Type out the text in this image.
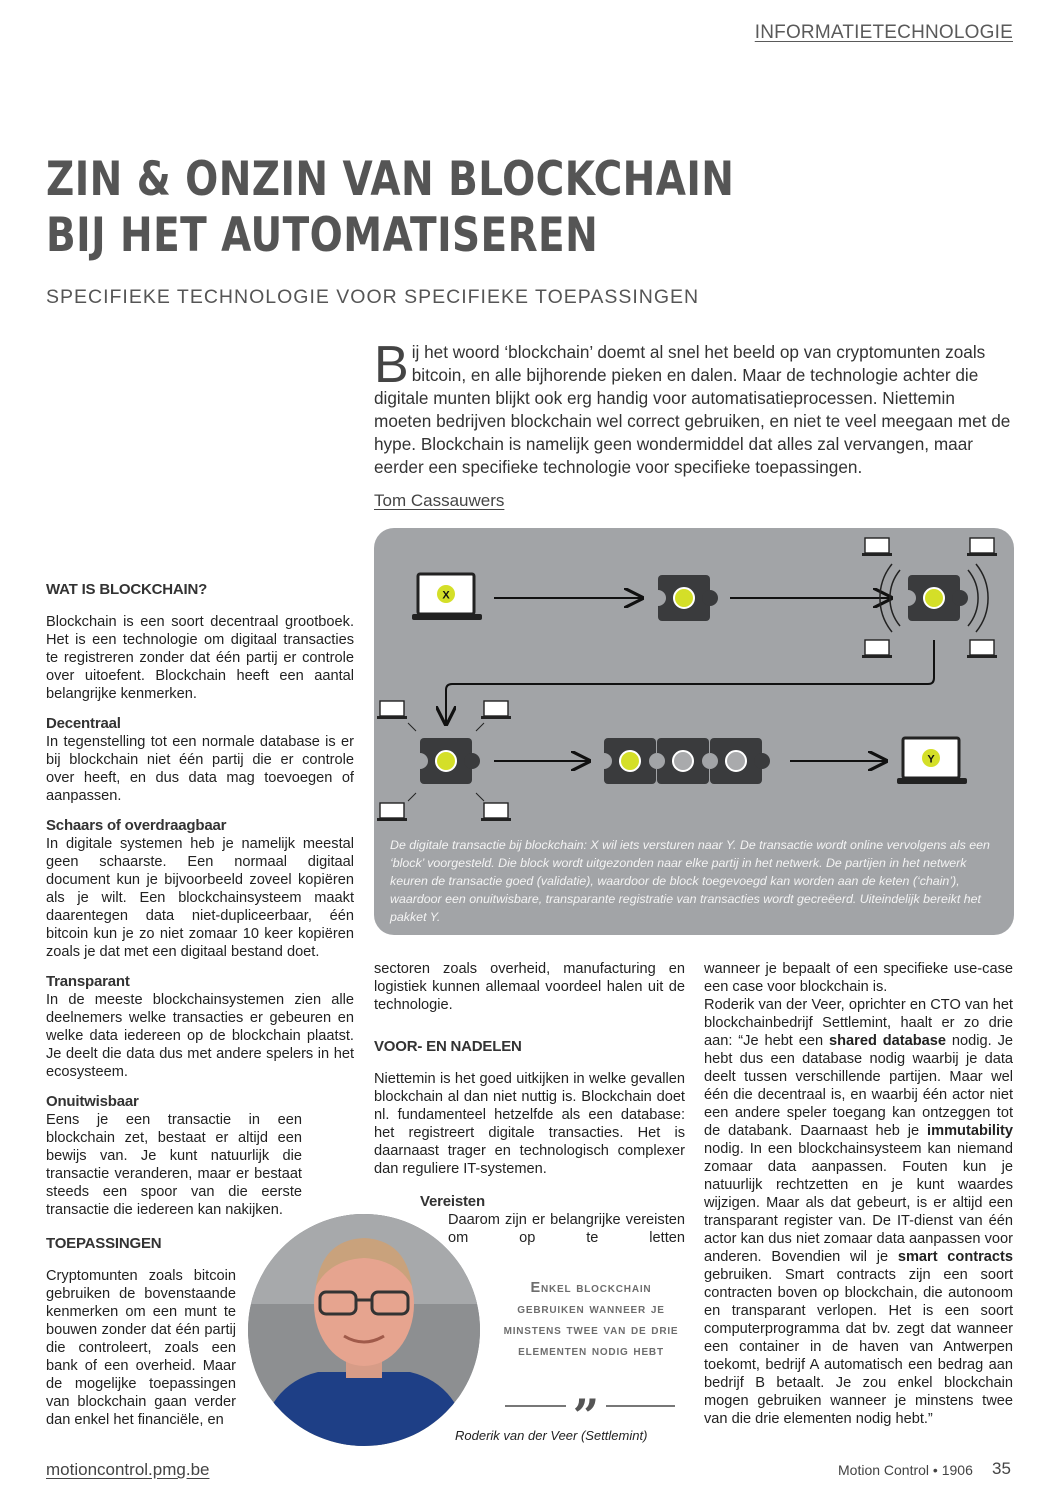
INFORMATIETECHNOLOGIE
ZIN & ONZIN VAN BLOCKCHAIN
BIJ HET AUTOMATISEREN
SPECIFIEKE TECHNOLOGIE VOOR SPECIFIEKE TOEPASSINGEN
Bij het woord ‘blockchain’ doemt al snel het beeld op van cryptomunten zoals bitcoin, en alle bijhorende pieken en dalen. Maar de technologie achter die digitale munten blijkt ook erg handig voor automatisatieprocessen. Niettemin moeten bedrijven blockchain wel correct gebruiken, en niet te veel meegaan met de hype. Blockchain is namelijk geen wondermiddel dat alles zal vervangen, maar eerder een specifieke technologie voor specifieke toepassingen.
Tom Cassauwers
X
Y
De digitale transactie bij blockchain: X wil iets versturen naar Y. De transactie wordt online vervolgens als een ‘block’ voorgesteld. Die block wordt uitgezonden naar elke partij in het netwerk. De partijen in het netwerk keuren de transactie goed (validatie), waardoor de block toegevoegd kan worden aan de keten (‘chain’), waardoor een onuitwisbare, transparante registratie van transacties wordt gecreëerd. Uiteindelijk bereikt het pakket Y.
WAT IS BLOCKCHAIN?

Blockchain is een soort decentraal grootboek. Het is een technologie om digitaal transacties te registreren zonder dat één partij er controle over uitoefent. Blockchain heeft een aantal belangrijke kenmerken.

Decentraal

In tegenstelling tot een normale database is er bij blockchain niet één partij die er controle over heeft, en dus data mag toevoegen of aanpassen.

Schaars of overdraagbaar

In digitale systemen heb je namelijk meestal geen schaarste. Een normaal digitaal document kun je bijvoorbeeld zoveel kopiëren als je wilt. Een blockchainsysteem maakt daarentegen data niet-dupliceerbaar, één bitcoin kun je zo niet zomaar 10 keer kopiëren zoals je dat met een digitaal bestand doet.

Transparant

In de meeste blockchainsystemen zien alle deelnemers welke transacties er gebeuren en welke data iedereen op de blockchain plaatst. Je deelt die data dus met andere spelers in het ecosysteem.

Onuitwisbaar

Eens je een transactie in een blockchain zet, bestaat er altijd een bewijs van. Je kunt natuurlijk die transactie veranderen, maar er bestaat steeds een spoor van die eerste transactie die iedereen kan nakijken.

TOEPASSINGEN

Cryptomunten zoals bitcoin gebruiken de bovenstaande kenmerken om een munt te bouwen zonder dat één partij die controleert, zoals een bank of een overheid. Maar de mogelijke toepassingen van blockchain gaan verder dan enkel het financiële, en

sectoren zoals overheid, manufacturing en logistiek kunnen allemaal voordeel halen uit de technologie.

VOOR- EN NADELEN

Niettemin is het goed uitkijken in welke gevallen blockchain al dan niet nuttig is. Blockchain doet nl. fundamenteel hetzelfde als een database: het registreert digitale transacties. Het is daarnaast trager en technologisch complexer dan reguliere IT-systemen.

Vereisten

Daarom zijn er belangrijke vereisten om op te letten

Enkel blockchain gebruiken wanneer je minstens twee van de drie elementen nodig hebt
”
Roderik van der Veer (Settlemint)

wanneer je bepaalt of een specifieke use-case een case voor blockchain is.

Roderik van der Veer, oprichter en CTO van het blockchainbedrijf Settlemint, haalt er zo drie aan: “Je hebt een shared database nodig. Je hebt dus een database nodig waarbij je data deelt tussen verschillende partijen. Maar wel één die decentraal is, en waarbij één actor niet een andere speler toegang kan ontzeggen tot de databank. Daarnaast heb je immutability nodig. In een blockchainsysteem kan niemand zomaar data aanpassen. Fouten kun je natuurlijk rechtzetten en je kunt waardes wijzigen. Maar als dat gebeurt, is er altijd een transparant register van. De IT-dienst van één actor kan dus niet zomaar data aanpassen voor anderen. Bovendien wil je smart contracts gebruiken. Smart contracts zijn een soort contracten boven op blockchain, die autonoom en transparant verlopen. Het is een soort computerprogramma dat bv. zegt dat wanneer een container in de haven van Antwerpen toekomt, bedrijf A automatisch een bedrag aan bedrijf B betaalt. Je zou enkel blockchain mogen gebruiken wanneer je minstens twee van die drie elementen nodig hebt.”

motioncontrol.pmg.be	Motion Control • 1906 35
